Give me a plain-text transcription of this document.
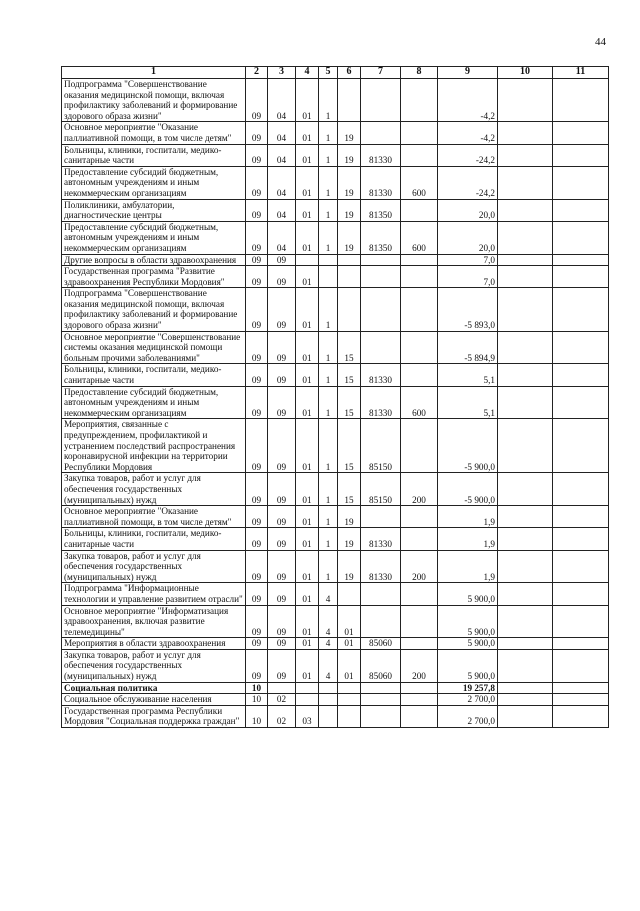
44
1	2	3	4	5	6	7	8	9	10	11
Подпрограмма "Совершенствование оказания медицинской помощи, включая профилактику заболеваний и формирование здорового образа жизни"	09	04	01	1				-4,2		
Основное мероприятие "Оказание паллиативной помощи, в том числе детям"	09	04	01	1	19			-4,2		
Больницы, клиники, госпитали, медико-санитарные части	09	04	01	1	19	81330		-24,2		
Предоставление субсидий бюджетным, автономным учреждениям и иным некоммерческим организациям	09	04	01	1	19	81330	600	-24,2		
Поликлиники, амбулатории, диагностические центры	09	04	01	1	19	81350		20,0		
Предоставление субсидий бюджетным, автономным учреждениям и иным некоммерческим организациям	09	04	01	1	19	81350	600	20,0		
Другие вопросы в области здравоохранения	09	09						7,0		
Государственная программа "Развитие здравоохранения Республики Мордовия"	09	09	01					7,0		
Подпрограмма "Совершенствование оказания медицинской помощи, включая профилактику заболеваний и формирование здорового образа жизни"	09	09	01	1				-5 893,0		
Основное мероприятие "Совершенствование системы оказания медицинской помощи больным прочими заболеваниями"	09	09	01	1	15			-5 894,9		
Больницы, клиники, госпитали, медико-санитарные части	09	09	01	1	15	81330		5,1		
Предоставление субсидий бюджетным, автономным учреждениям и иным некоммерческим организациям	09	09	01	1	15	81330	600	5,1		
Мероприятия, связанные с предупреждением, профилактикой и устранением последствий распространения коронавирусной инфекции на территории Республики Мордовия	09	09	01	1	15	85150		-5 900,0		
Закупка товаров, работ и услуг для обеспечения государственных (муниципальных) нужд	09	09	01	1	15	85150	200	-5 900,0		
Основное мероприятие "Оказание паллиативной помощи, в том числе детям"	09	09	01	1	19			1,9		
Больницы, клиники, госпитали, медико-санитарные части	09	09	01	1	19	81330		1,9		
Закупка товаров, работ и услуг для обеспечения государственных (муниципальных) нужд	09	09	01	1	19	81330	200	1,9		
Подпрограмма "Информационные технологии и управление развитием отрасли"	09	09	01	4				5 900,0		
Основное мероприятие "Информатизация здравоохранения, включая развитие телемедицины"	09	09	01	4	01			5 900,0		
Мероприятия в области здравоохранения	09	09	01	4	01	85060		5 900,0		
Закупка товаров, работ и услуг для обеспечения государственных (муниципальных) нужд	09	09	01	4	01	85060	200	5 900,0		
Социальная политика	10							19 257,8		
Социальное обслуживание населения	10	02						2 700,0		
Государственная программа Республики Мордовия "Социальная поддержка граждан"	10	02	03					2 700,0		
